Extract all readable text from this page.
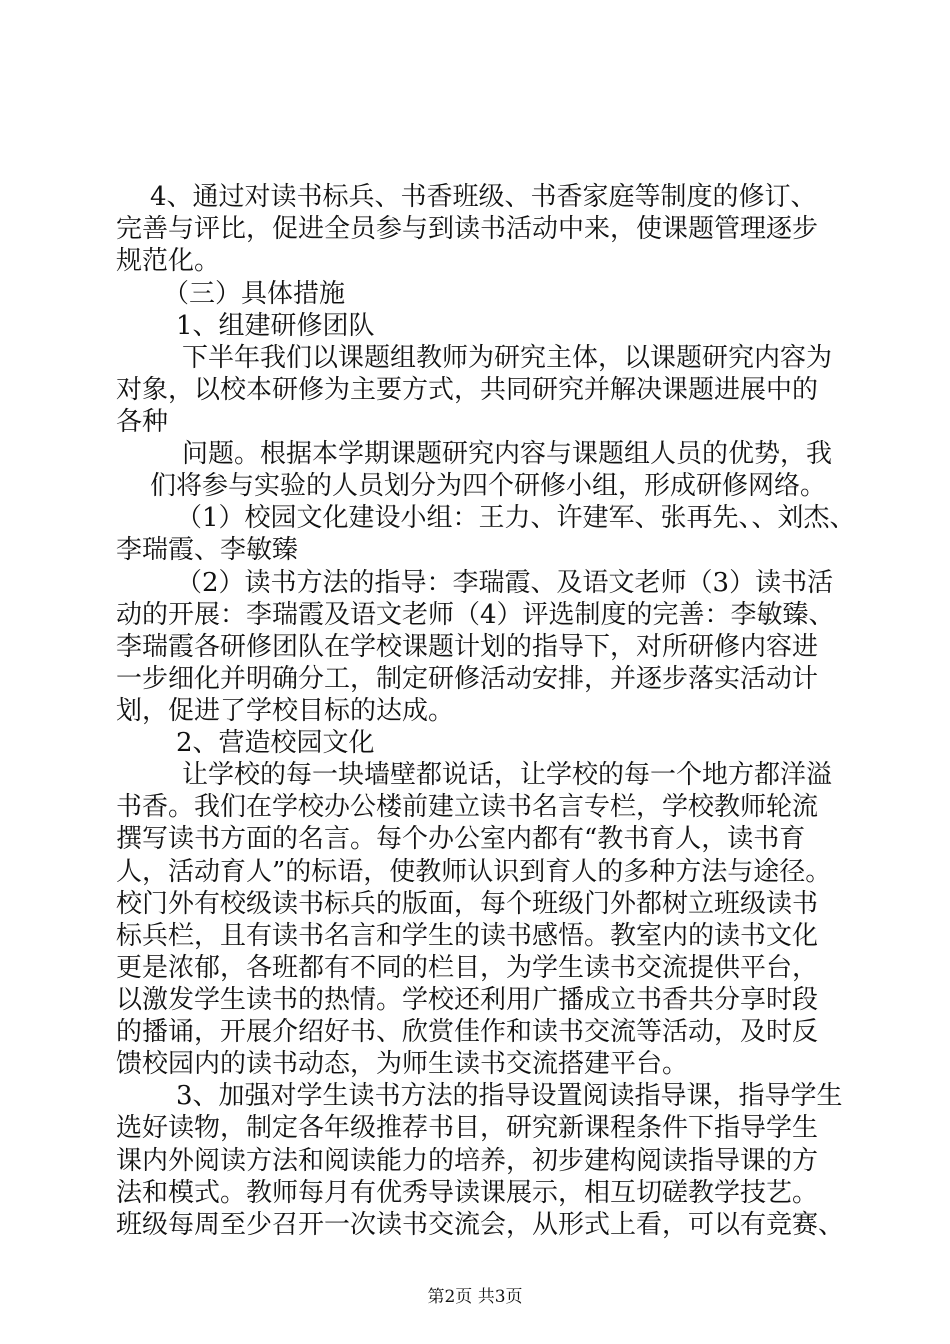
4、通过对读书标兵、书香班级、书香家庭等制度的修订、
完善与评比，促进全员参与到读书活动中来，使课题管理逐步
规范化。
（三）具体措施
1、组建研修团队
下半年我们以课题组教师为研究主体，以课题研究内容为
对象，以校本研修为主要方式，共同研究并解决课题进展中的
各种
问题。根据本学期课题研究内容与课题组人员的优势，我
们将参与实验的人员划分为四个研修小组，形成研修网络。
（1）校园文化建设小组：王力、许建军、张再先、、刘杰、
李瑞霞、李敏臻
（2）读书方法的指导：李瑞霞、及语文老师（3）读书活
动的开展：李瑞霞及语文老师（4）评选制度的完善：李敏臻、
李瑞霞各研修团队在学校课题计划的指导下，对所研修内容进
一步细化并明确分工，制定研修活动安排，并逐步落实活动计
划，促进了学校目标的达成。
2、营造校园文化
让学校的每一块墙壁都说话，让学校的每一个地方都洋溢
书香。我们在学校办公楼前建立读书名言专栏，学校教师轮流
撰写读书方面的名言。每个办公室内都有“教书育人，读书育
人，活动育人”的标语，使教师认识到育人的多种方法与途径。
校门外有校级读书标兵的版面，每个班级门外都树立班级读书
标兵栏，且有读书名言和学生的读书感悟。教室内的读书文化
更是浓郁，各班都有不同的栏目，为学生读书交流提供平台，
以激发学生读书的热情。学校还利用广播成立书香共分享时段
的播诵，开展介绍好书、欣赏佳作和读书交流等活动，及时反
馈校园内的读书动态，为师生读书交流搭建平台。
3、加强对学生读书方法的指导设置阅读指导课，指导学生
选好读物，制定各年级推荐书目，研究新课程条件下指导学生
课内外阅读方法和阅读能力的培养，初步建构阅读指导课的方
法和模式。教师每月有优秀导读课展示，相互切磋教学技艺。
班级每周至少召开一次读书交流会，从形式上看，可以有竞赛、
第2页 共3页
